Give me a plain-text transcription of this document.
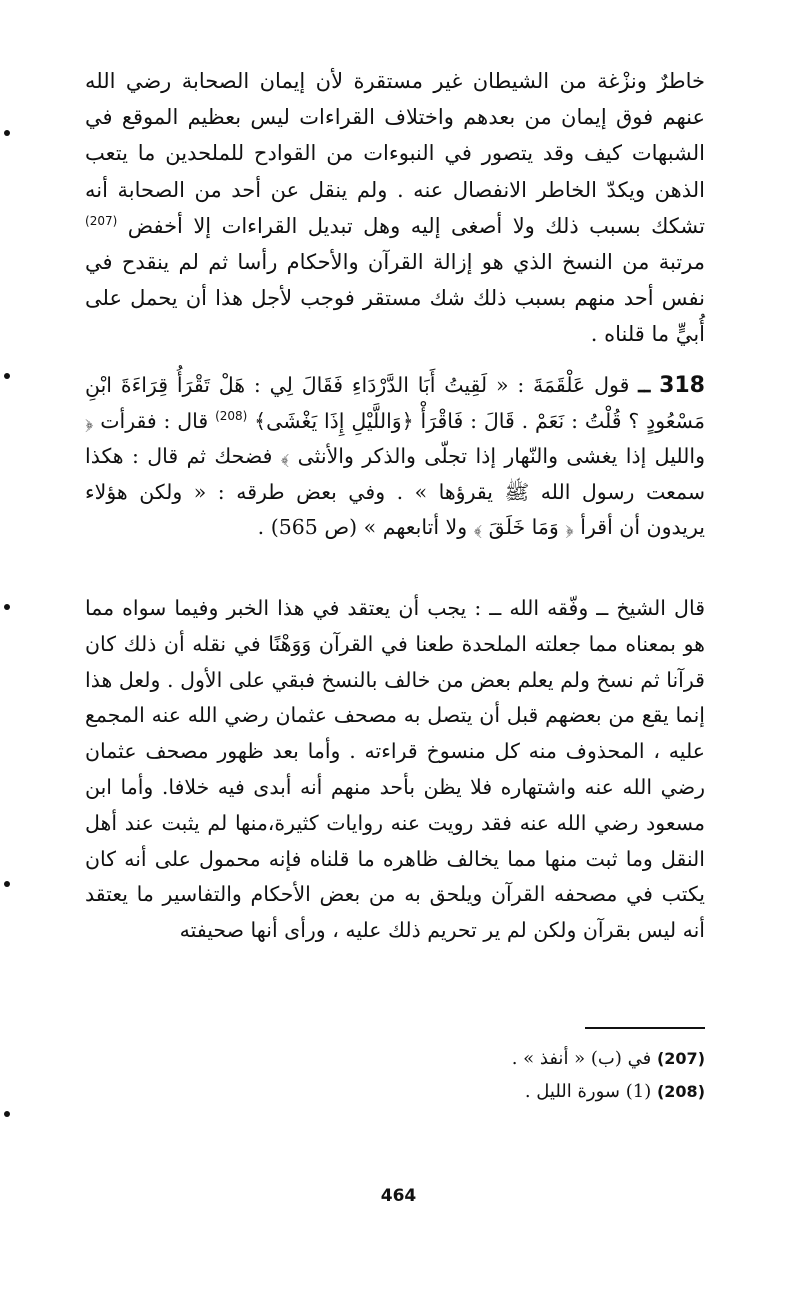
خاطرٌ ونزْغة من الشيطان غير مستقرة لأن إيمان الصحابة رضي الله عنهم فوق إيمان من بعدهم واختلاف القراءات ليس بعظيم الموقع في الشبهات كيف وقد يتصور في النبوءات من القوادح للملحدين ما يتعب الذهن ويكدّ الخاطر الانفصال عنه . ولم ينقل عن أحد من الصحابة أنه تشكك بسبب ذلك ولا أصغى إليه وهل تبديل القراءات إلا أخفض $^{(207)}$ مرتبة من النسخ الذي هو إزالة القرآن والأحكام رأسا ثم لم ينقدح في نفس أحد منهم بسبب ذلك شك مستقر فوجب لأجل هذا أن يحمل على أُبيٍّ ما قلناه .

318 ــ قول عَلْقَمَةَ : « لَقِيتُ أَبَا الدَّرْدَاءِ فَقَالَ لِي : هَلْ تَقْرَأُ قِرَاءَةَ ابْنِ مَسْعُودٍ ؟ قُلْتُ : نَعَمْ . قَالَ : فَاقْرَأْ ﴿وَاللَّيْلِ إِذَا يَغْشَى﴾ $^{(208)}$ قال : فقرأت ﴿ والليل إذا يغشى والنّهار إذا تجلّى والذكر والأنثى ﴾ فضحك ثم قال : هكذا سمعت رسول الله ﷺ يقرؤها » . وفي بعض طرقه : « ولكن هؤلاء يريدون أن أقرأ ﴿ وَمَا خَلَقَ ﴾ ولا أتابعهم » (ص 565) .

قال الشيخ ــ وفّقه الله ــ : يجب أن يعتقد في هذا الخبر وفيما سواه مما هو بمعناه مما جعلته الملحدة طعنا في القرآن وَوَهْنًا في نقله أن ذلك كان قرآنا ثم نسخ ولم يعلم بعض من خالف بالنسخ فبقي على الأول . ولعل هذا إنما يقع من بعضهم قبل أن يتصل به مصحف عثمان رضي الله عنه المجمع عليه ، المحذوف منه كل منسوخ قراءته . وأما بعد ظهور مصحف عثمان رضي الله عنه واشتهاره فلا يظن بأحد منهم أنه أبدى فيه خلافا. وأما ابن مسعود رضي الله عنه فقد رويت عنه روايات كثيرة،منها لم يثبت عند أهل النقل وما ثبت منها مما يخالف ظاهره ما قلناه فإنه محمول على أنه كان يكتب في مصحفه القرآن ويلحق به من بعض الأحكام والتفاسير ما يعتقد أنه ليس بقرآن ولكن لم ير تحريم ذلك عليه ، ورأى أنها صحيفته

(207) في (ب) « أنفذ » .
(208) (1) سورة الليل .
464
